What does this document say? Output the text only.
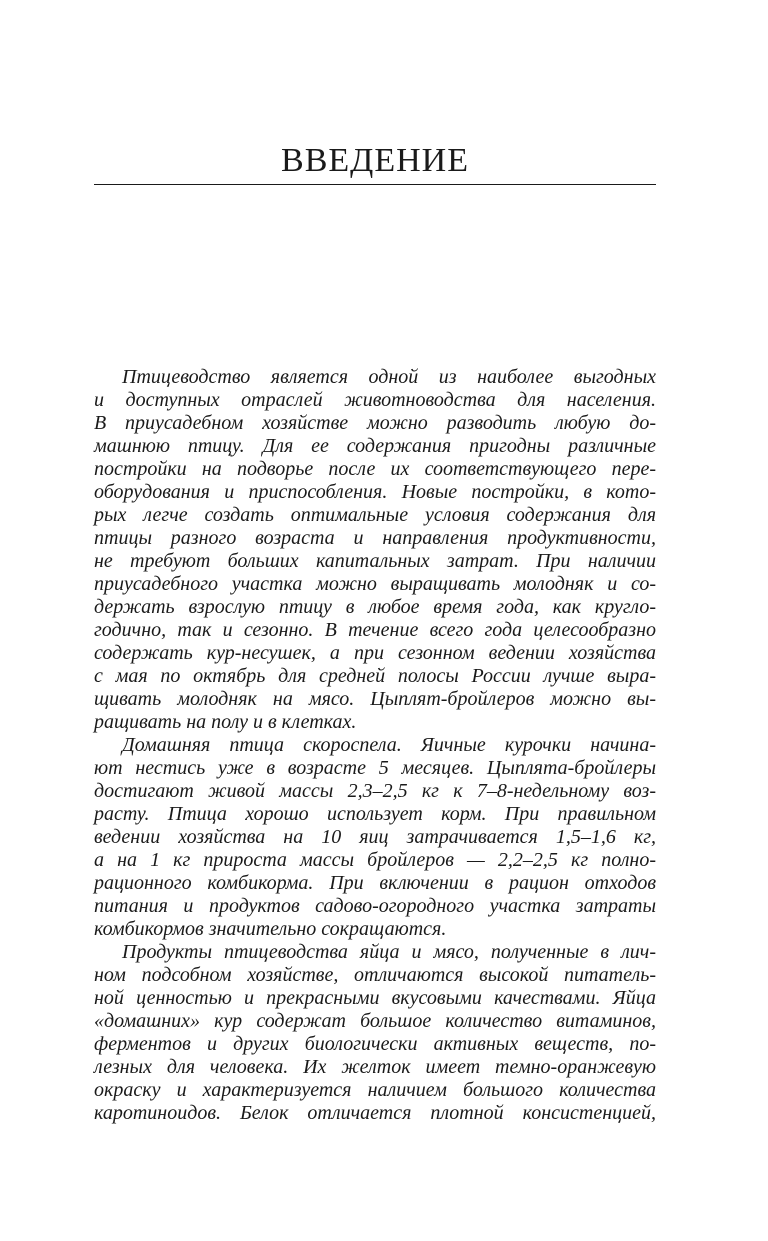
ВВЕДЕНИЕ
Птицеводство является одной из наиболее выгодных
и доступных отраслей животноводства для населения.
В приусадебном хозяйстве можно разводить любую до-
машнюю птицу. Для ее содержания пригодны различные
постройки на подворье после их соответствующего пере-
оборудования и приспособления. Новые постройки, в кото-
рых легче создать оптимальные условия содержания для
птицы разного возраста и направления продуктивности,
не требуют больших капитальных затрат. При наличии
приусадебного участка можно выращивать молодняк и со-
держать взрослую птицу в любое время года, как кругло-
годично, так и сезонно. В течение всего года целесообразно
содержать кур-несушек, а при сезонном ведении хозяйства
с мая по октябрь для средней полосы России лучше выра-
щивать молодняк на мясо. Цыплят-бройлеров можно вы-
ращивать на полу и в клетках.
Домашняя птица скороспела. Яичные курочки начина-
ют нестись уже в возрасте 5 месяцев. Цыплята-бройлеры
достигают живой массы 2,3–2,5 кг к 7–8-недельному воз-
расту. Птица хорошо использует корм. При правильном
ведении хозяйства на 10 яиц затрачивается 1,5–1,6 кг,
а на 1 кг прироста массы бройлеров — 2,2–2,5 кг полно-
рационного комбикорма. При включении в рацион отходов
питания и продуктов садово-огородного участка затраты
комбикормов значительно сокращаются.
Продукты птицеводства яйца и мясо, полученные в лич-
ном подсобном хозяйстве, отличаются высокой питатель-
ной ценностью и прекрасными вкусовыми качествами. Яйца
«домашних» кур содержат большое количество витаминов,
ферментов и других биологически активных веществ, по-
лезных для человека. Их желток имеет темно-оранжевую
окраску и характеризуется наличием большого количества
каротиноидов. Белок отличается плотной консистенцией,
